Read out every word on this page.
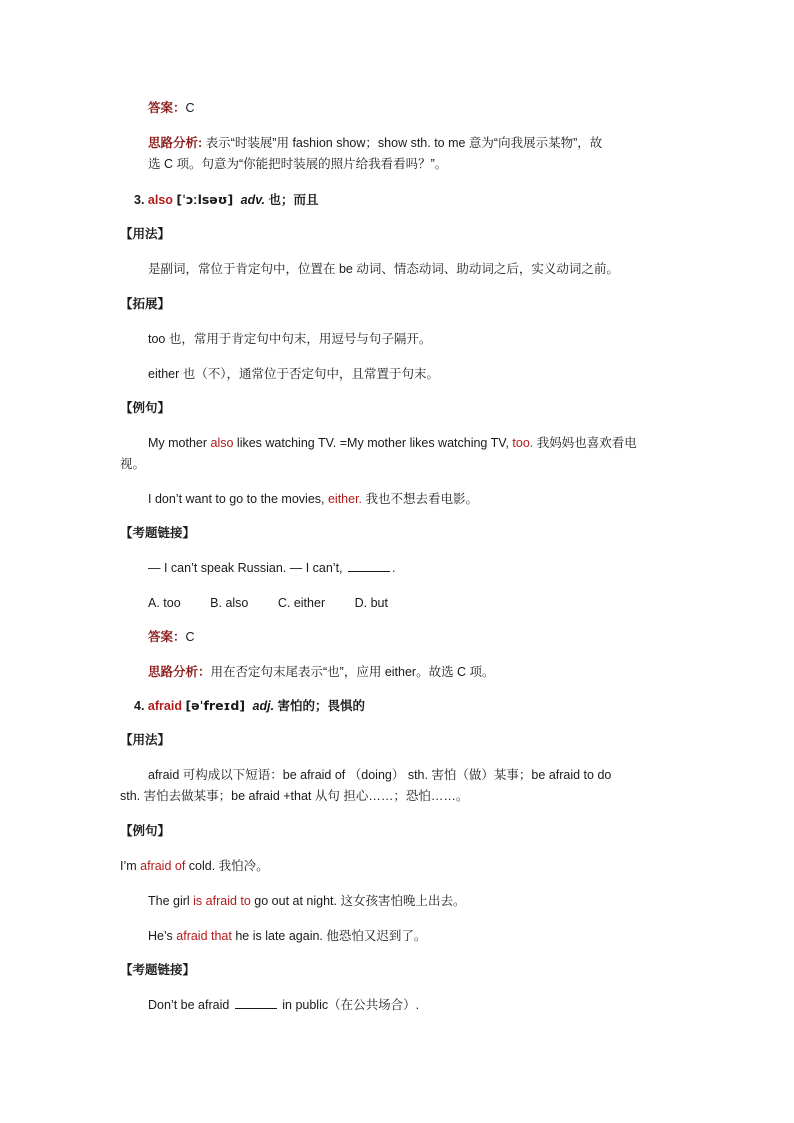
答案：C
思路分析: 表示“时装展”用 fashion show；show sth. to me 意为“向我展示某物”，故
选 C 项。句意为“你能把时装展的照片给我看看吗？”。
3. also [ˈɔːlsəʊ] adv. 也；而且
【用法】
是副词，常位于肯定句中，位置在 be 动词、情态动词、助动词之后，实义动词之前。
【拓展】
too 也，常用于肯定句中句末，用逗号与句子隔开。
either 也（不），通常位于否定句中，且常置于句末。
【例句】
My mother also likes watching TV. =My mother likes watching TV, too. 我妈妈也喜欢看电
视。
I don’t want to go to the movies, either. 我也不想去看电影。
【考题链接】
— I can’t speak Russian. — I can’t,	.
A. too B. also C. either D. but
答案：C
思路分析：用在否定句末尾表示“也”，应用 either。故选 C 项。
4. afraid [əˈfreɪd] adj. 害怕的；畏惧的
【用法】
afraid 可构成以下短语：be afraid of （doing） sth. 害怕（做）某事；be afraid to do
sth. 害怕去做某事；be afraid +that 从句 担心……；恐怕……。
【例句】
I’m afraid of cold. 我怕冷。
The girl is afraid to go out at night. 这女孩害怕晚上出去。
He’s afraid that he is late again. 他恐怕又迟到了。
【考题链接】
Don’t be afraid	in public（在公共场合）.
